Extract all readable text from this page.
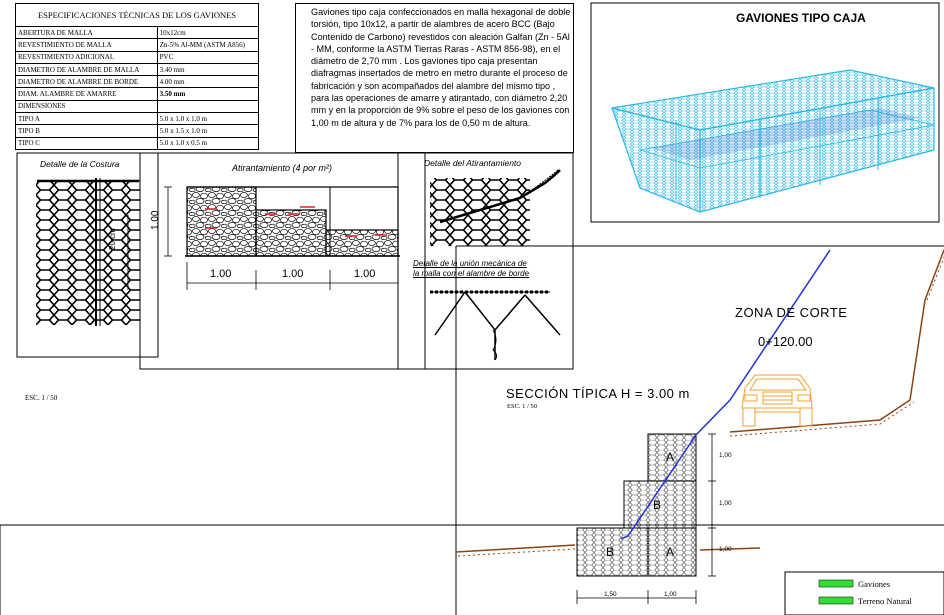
ESPECIFICACIONES TÉCNICAS DE LOS GAVIONES	
ABERTURA DE MALLA	10x12cm
REVESTIMIENTO DE MALLA	Zn-5% Al-MM (ASTM A856)
REVESTIMIENTO ADICIONAL	PVC
DIAMETRO DE ALAMBRE DE MALLA	3.40 mm
DIAMETRO DE ALAMBRE DE BORDE	4.00 mm
DIAM. ALAMBRE DE AMARRE	3.50 mm
DIMENSIONES	
TIPO A	5.0 x 1.0 x 1.0 m
TIPO B	5.0 x 1.5 x 1.0 m
TIPO C	5.0 x 1.0 x 0.5 m
Gaviones tipo caja confeccionados en malla hexagonal de doble torsión, tipo 10x12, a partir de alambres de acero BCC (Bajo Contenido de Carbono) revestidos con aleación Galfan (Zn - 5Al - MM, conforme la ASTM Tierras Raras - ASTM 856-98), en el diámetro de 2,70 mm . Los gaviones tipo caja presentan diafragmas insertados de metro en metro durante el proceso de fabricación y son acompañados del alambre del mismo tipo , para las operaciones de amarre y atirantado, con diámetro 2,20 mm y en la proporción de 9% sobre el peso de los gaviones con 1,00 m de altura y de 7% para los de 0,50 m de altura.
Detalle de la Costura
20 cm
Atirantamiento (4 por m²)
1.00
1.00	1.00	1.00
Detalle del Atirantamiento
Detalle de la unión mecánica de
la malla con el alambre de borde
ESC. 1 / 50
GAVIONES TIPO CAJA
ZONA DE CORTE
0+120.00
SECCIÓN TÍPICA H = 3.00 m
ESC. 1 / 50
A
B
B	A
1,00
1,00
1,00
1,50	1,00
Gaviones
Terreno Natural
